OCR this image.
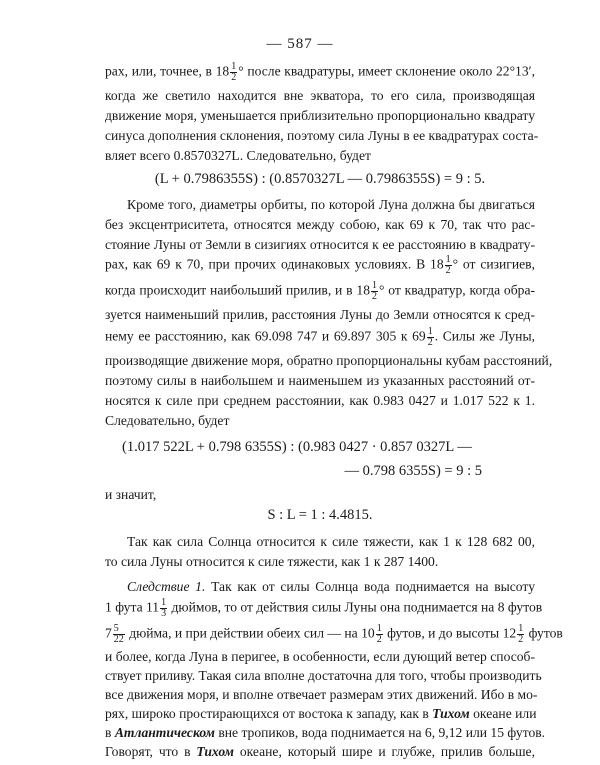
— 587 —
рах, или, точнее, в $18 \frac{1}{2}$ ° после квадратуры, имеет склонение около 22°13′,
когда же светило находится вне экватора, то его сила, производящая
движение моря, уменьшается приблизительно пропорционально квадрату
синуса дополнения склонения, поэтому сила Луны в ее квадратурах соста-
вляет всего 0.8570327L. Следовательно, будет
(L + 0.7986355S) : (0.8570327L — 0.7986355S) = 9 : 5.
Кроме того, диаметры орбиты, по которой Луна должна бы двигаться
без эксцентриситета, относятся между собою, как 69 к 70, так что рас-
стояние Луны от Земли в сизигиях относится к ее расстоянию в квадрату-
рах, как 69 к 70, при прочих одинаковых условиях. В $18 \frac{1}{2}$ ° от сизигиев,
когда происходит наибольший прилив, и в $18 \frac{1}{2}$ ° от квадратур, когда обра-
зуется наименьший прилив, расстояния Луны до Земли относятся к сред-
нему ее расстоянию, как 69.098 747 и 69.897 305 к $69 \frac{1}{2}$ . Силы же Луны,
производящие движение моря, обратно пропорциональны кубам расстояний,
поэтому силы в наибольшем и наименьшем из указанных расстояний от-
носятся к силе при среднем расстоянии, как 0.983 0427 и 1.017 522 к 1.
Следовательно, будет
(1.017 522L + 0.798 6355S) : (0.983 0427 · 0.857 0327L —
— 0.798 6355S) = 9 : 5
и значит,
S : L = 1 : 4.4815.
Так как сила Солнца относится к силе тяжести, как 1 к 128 682 00,
то сила Луны относится к силе тяжести, как 1 к 287 1400.
Следствие 1. Так как от силы Солнца вода поднимается на высоту
1 фута $11 \frac{1}{3}$ дюймов, то от действия силы Луны она поднимается на 8 футов
$7 \frac{5}{22}$ дюйма, и при действии обеих сил — на $10 \frac{1}{2}$ футов, и до высоты $12 \frac{1}{2}$ футов
и более, когда Луна в перигее, в особенности, если дующий ветер способ-
ствует приливу. Такая сила вполне достаточна для того, чтобы производить
все движения моря, и вполне отвечает размерам этих движений. Ибо в мо-
рях, широко простирающихся от востока к западу, как в Тихом океане или
в Атлантическом вне тропиков, вода поднимается на 6, 9,12 или 15 футов.
Говорят, что в Тихом океане, который шире и глубже, прилив больше,
